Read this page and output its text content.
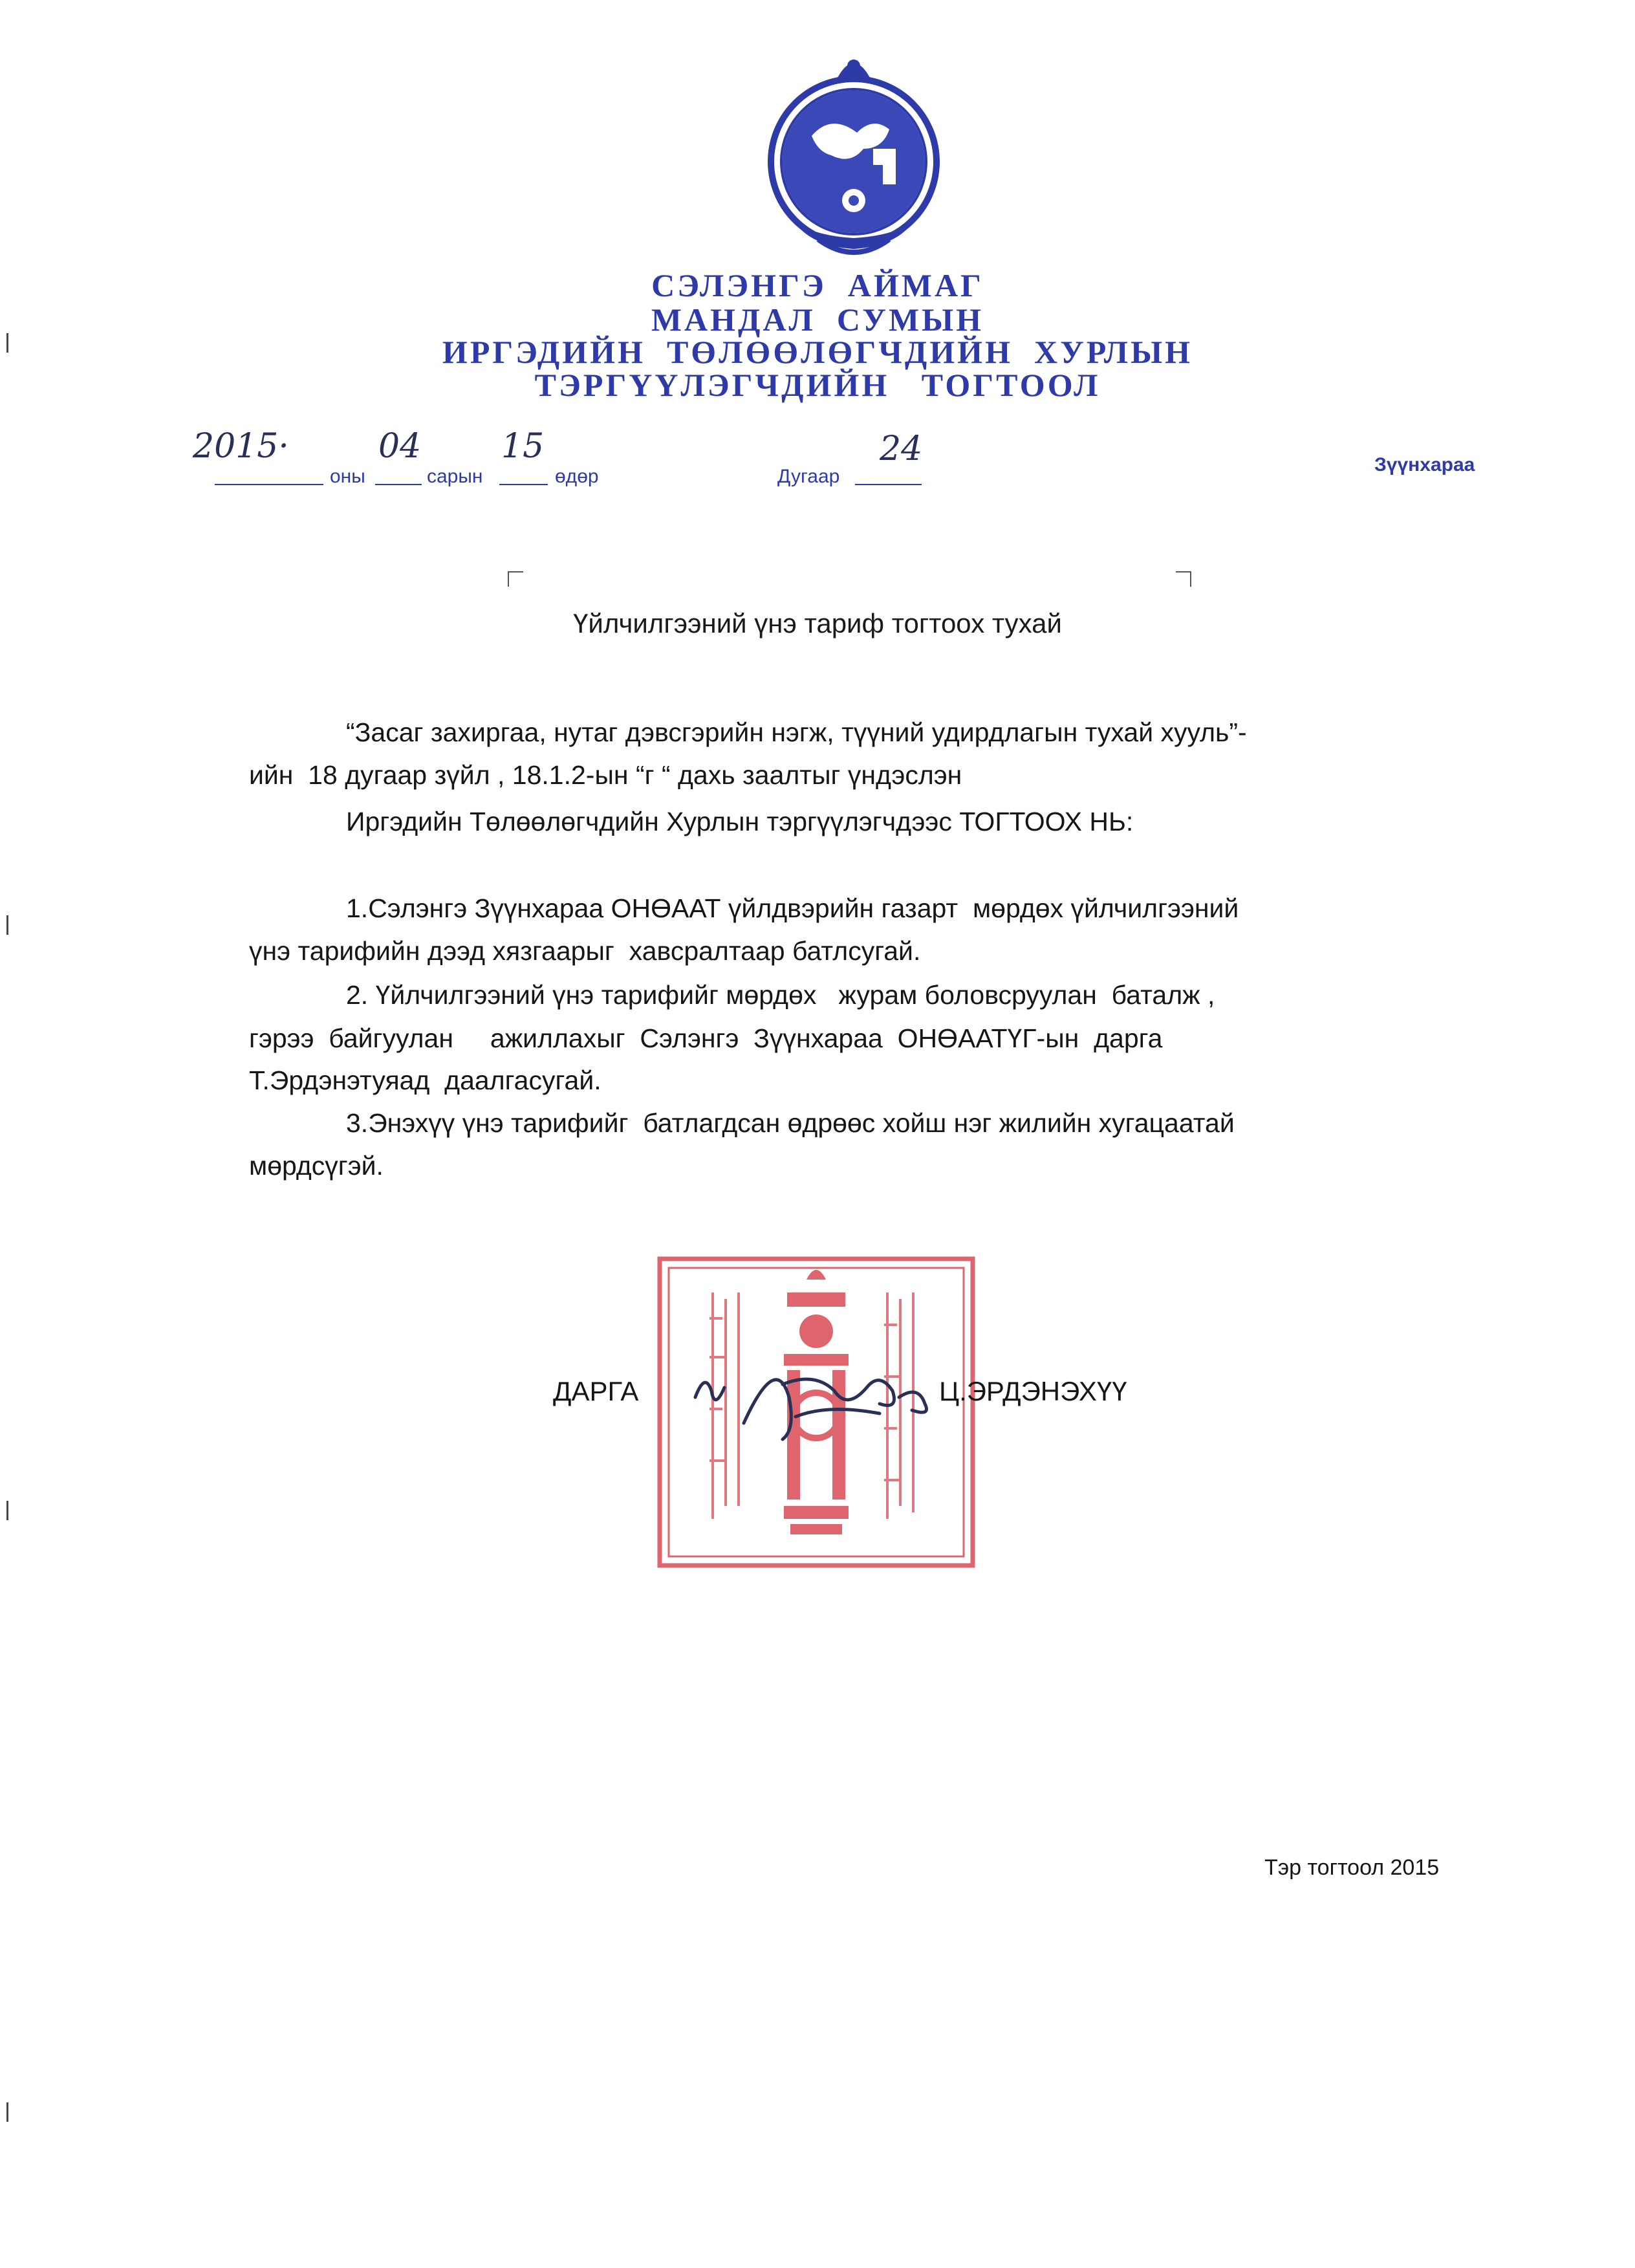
СЭЛЭНГЭ  АЙМАГ
МАНДАЛ  СУМЫН
ИРГЭДИЙН  ТӨЛӨӨЛӨГЧДИЙН  ХУРЛЫН
ТЭРГҮҮЛЭГЧДИЙН   ТОГТООЛ
2015·
оны
04
сарын
15
өдөр	Дугаар
24	Зүүнхараа
Үйлчилгээний үнэ тариф тогтоох тухай
“Засаг захиргаа, нутаг дэвсгэрийн нэгж, түүний удирдлагын тухай хууль”-
ийн  18 дугаар зүйл , 18.1.2-ын “г “ дахь заалтыг үндэслэн
Иргэдийн Төлөөлөгчдийн Хурлын тэргүүлэгчдээс ТОГТООХ НЬ:
1.Сэлэнгэ Зүүнхараа ОНӨААТ үйлдвэрийн газарт  мөрдөх үйлчилгээний
үнэ тарифийн дээд хязгаарыг  хавсралтаар батлсугай.
2. Үйлчилгээний үнэ тарифийг мөрдөх   журам боловсруулан  баталж ,
гэрээ  байгуулан     ажиллахыг  Сэлэнгэ  Зүүнхараа  ОНӨААТҮГ-ын  дарга
Т.Эрдэнэтуяад  даалгасугай.
3.Энэхүү үнэ тарифийг  батлагдсан өдрөөс хойш нэг жилийн хугацаатай
мөрдсүгэй.
ДАРГА	Ц.ЭРДЭНЭХҮҮ
Тэр тогтоол 2015
